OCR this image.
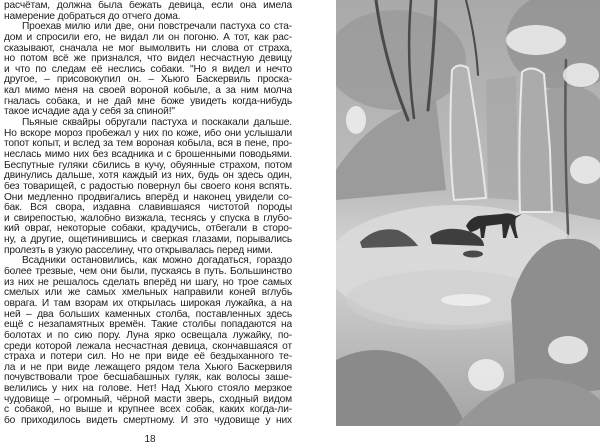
расчётам, должна была бежать девица, если она имела
намерение добраться до отчего дома.
Проехав милю или две, они повстречали пастуха со ста-
дом и спросили его, не видал ли он погоню. А тот, как рас-
сказывают, сначала не мог вымолвить ни слова от страха,
но потом всё же признался, что видел несчастную девицу
и что по следам её неслись собаки. "Но я видел и нечто
другое, – присовокупил он. – Хьюго Баскервиль проска-
кал мимо меня на своей вороной кобыле, а за ним молча
гналась собака, и не дай мне боже увидеть когда-нибудь
такое исчадие ада у себя за спиной!"
Пьяные сквайры обругали пастуха и поскакали дальше.
Но вскоре мороз пробежал у них по коже, ибо они услышали
топот копыт, и вслед за тем вороная кобыла, вся в пене, про-
неслась мимо них без всадника и с брошенными поводьями.
Беспутные гуляки сбились в кучу, обуянные страхом, потом
двинулись дальше, хотя каждый из них, будь он здесь один,
без товарищей, с радостью повернул бы своего коня вспять.
Они медленно продвигались вперёд и наконец увидели со-
бак. Вся свора, издавна славившаяся чистотой породы
и свирепостью, жалобно визжала, теснясь у спуска в глубо-
кий овраг, некоторые собаки, крадучись, отбегали в сторо-
ну, а другие, ощетинившись и сверкая глазами, порывались
пролезть в узкую расселину, что открывалась перед ними.
Всадники остановились, как можно догадаться, гораздо
более трезвые, чем они были, пускаясь в путь. Большинство
из них не решалось сделать вперёд ни шагу, но трое самых
смелых или же самых хмельных направили коней вглубь
оврага. И там взорам их открылась широкая лужайка, а на
ней – два больших каменных столба, поставленных здесь
ещё с незапамятных времён. Такие столбы попадаются на
болотах и по сию пору. Луна ярко освещала лужайку, по-
среди которой лежала несчастная девица, скончавшаяся от
страха и потери сил. Но не при виде её бездыханного те-
ла и не при виде лежащего рядом тела Хьюго Баскервиля
почувствовали трое бесшабашных гуляк, как волосы заше-
велились у них на голове. Нет! Над Хьюго стояло мерзкое
чудовище – огромный, чёрной масти зверь, сходный видом
с собакой, но выше и крупнее всех собак, каких когда-ли-
бо приходилось видеть смертному. И это чудовище у них
18
